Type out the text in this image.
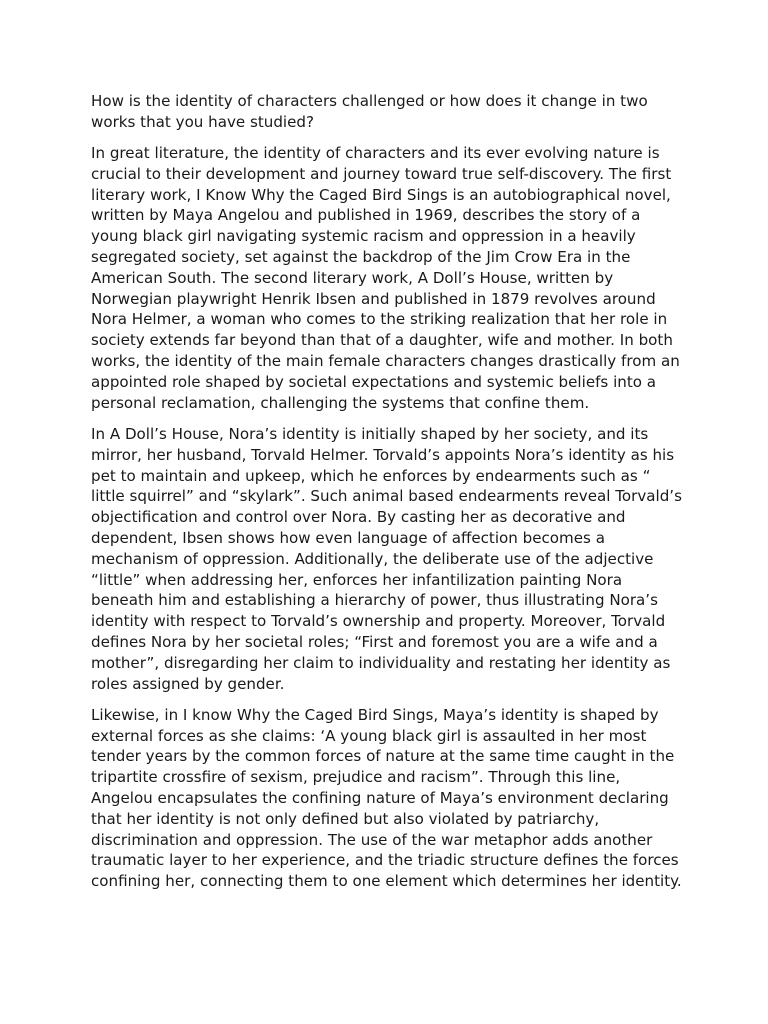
How is the identity of characters challenged or how does it change in two works that you have studied?

In great literature, the identity of characters and its ever evolving nature is crucial to their development and journey toward true self-discovery. The first literary work, I Know Why the Caged Bird Sings is an autobiographical novel, written by Maya Angelou and published in 1969, describes the story of a young black girl navigating systemic racism and oppression in a heavily segregated society, set against the backdrop of the Jim Crow Era in the American South. The second literary work, A Doll’s House, written by Norwegian playwright Henrik Ibsen and published in 1879 revolves around Nora Helmer, a woman who comes to the striking realization that her role in society extends far beyond than that of a daughter, wife and mother. In both works, the identity of the main female characters changes drastically from an appointed role shaped by societal expectations and systemic beliefs into a personal reclamation, challenging the systems that confine them.

In A Doll’s House, Nora’s identity is initially shaped by her society, and its mirror, her husband, Torvald Helmer. Torvald’s appoints Nora’s identity as his pet to maintain and upkeep, which he enforces by endearments such as “ little squirrel” and “skylark”. Such animal based endearments reveal Torvald’s objectification and control over Nora. By casting her as decorative and dependent, Ibsen shows how even language of affection becomes a mechanism of oppression. Additionally, the deliberate use of the adjective “little” when addressing her, enforces her infantilization painting Nora beneath him and establishing a hierarchy of power, thus illustrating Nora’s identity with respect to Torvald’s ownership and property. Moreover, Torvald defines Nora by her societal roles; “First and foremost you are a wife and a mother”, disregarding her claim to individuality and restating her identity as roles assigned by gender.

Likewise, in I know Why the Caged Bird Sings, Maya’s identity is shaped by external forces as she claims: ‘A young black girl is assaulted in her most tender years by the common forces of nature at the same time caught in the tripartite crossfire of sexism, prejudice and racism”. Through this line, Angelou encapsulates the confining nature of Maya’s environment declaring that her identity is not only defined but also violated by patriarchy, discrimination and oppression. The use of the war metaphor adds another traumatic layer to her experience, and the triadic structure defines the forces confining her, connecting them to one element which determines her identity.
